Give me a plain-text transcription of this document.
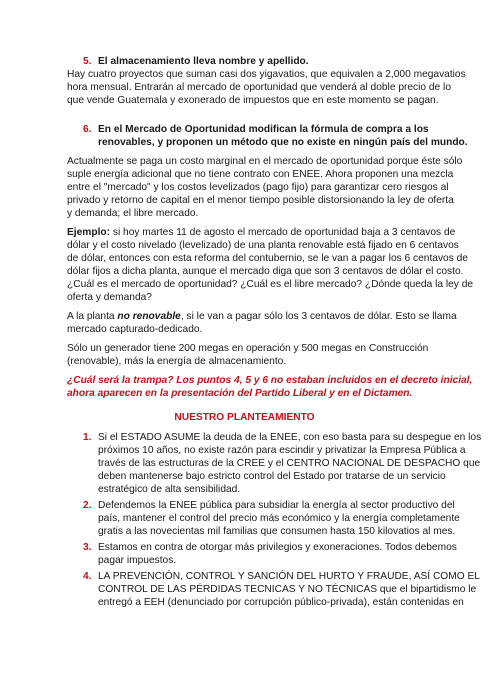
5. El almacenamiento lleva nombre y apellido.
Hay cuatro proyectos que suman casi dos yigavatios, que equivalen a 2,000 megavatios
hora mensual. Entrarán al mercado de oportunidad que venderá al doble precio de lo
que vende Guatemala y exonerado de impuestos que en este momento se pagan.
6. En el Mercado de Oportunidad modifican la fórmula de compra a los
renovables, y proponen un método que no existe en ningún país del mundo.
Actualmente se paga un costo marginal en el mercado de oportunidad porque éste sólo
suple energía adicional que no tiene contrato con ENEE. Ahora proponen una mezcla
entre el "mercado" y los costos levelizados (pago fijo) para garantizar cero riesgos al
privado y retorno de capital en el menor tiempo posible distorsionando la ley de oferta
y demanda; el libre mercado.
Ejemplo: si hoy martes 11 de agosto el mercado de oportunidad baja a 3 centavos de
dólar y el costo nivelado (levelizado) de una planta renovable está fijado en 6 centavos
de dólar, entonces con esta reforma del contubernio, se le van a pagar los 6 centavos de
dólar fijos a dicha planta, aunque el mercado diga que son 3 centavos de dólar el costo.
¿Cuál es el mercado de oportunidad? ¿Cuál es el libre mercado? ¿Dónde queda la ley de
oferta y demanda?
A la planta no renovable, si le van a pagar sólo los 3 centavos de dólar. Esto se llama
mercado capturado-dedicado.
Sólo un generador tiene 200 megas en operación y 500 megas en Construcción
(renovable), más la energía de almacenamiento.
¿Cuál será la trampa? Los puntos 4, 5 y 6 no estaban incluidos en el decreto inicial,
ahora aparecen en la presentación del Partido Liberal y en el Dictamen.
NUESTRO PLANTEAMIENTO
1. Si el ESTADO ASUME la deuda de la ENEE, con eso basta para su despegue en los
próximos 10 años, no existe razón para escindir y privatizar la Empresa Pública a
través de las estructuras de la CREE y el CENTRO NACIONAL DE DESPACHO que
deben mantenerse bajo estricto control del Estado por tratarse de un servicio
estratégico de alta sensibilidad.
2. Defendemos la ENEE pública para subsidiar la energía al sector productivo del
país, mantener el control del precio más económico y la energía completamente
gratis a las novecientas mil familias que consumen hasta 150 kilovatios al mes.
3. Estamos en contra de otorgar más privilegios y exoneraciones. Todos debemos
pagar impuestos.
4. LA PREVENCIÓN, CONTROL Y SANCIÓN DEL HURTO Y FRAUDE, ASÍ COMO EL
CONTROL DE LAS PÉRDIDAS TECNICAS Y NO TÉCNICAS que el bipartidismo le
entregó a EEH (denunciado por corrupción público-privada), están contenidas en
